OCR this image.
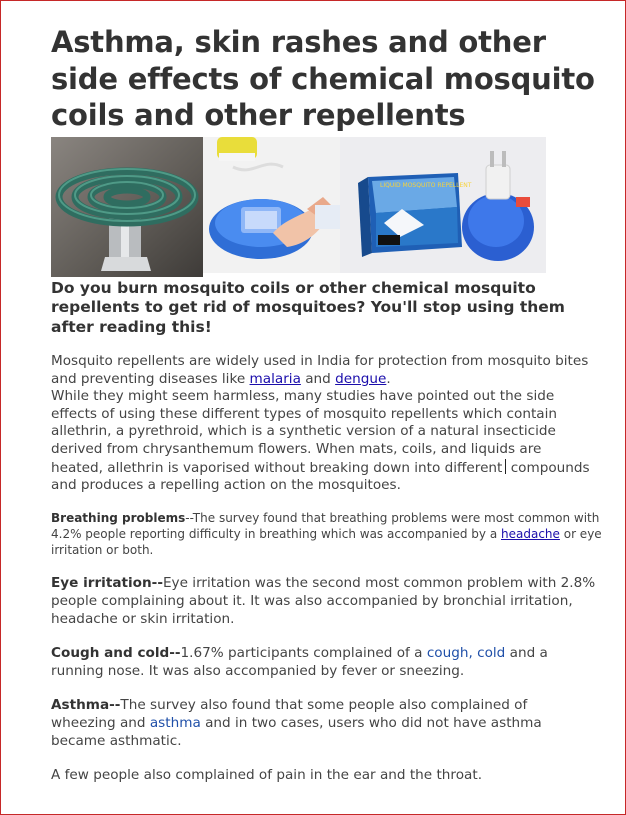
Asthma, skin rashes and other side effects of chemical mosquito coils and other repellents
LIQUID MOSQUITO REPELLENT

Do you burn mosquito coils or other chemical mosquito repellents to get rid of mosquitoes? You'll stop using them after reading this!

Mosquito repellents are widely used in India for protection from mosquito bites and preventing diseases like malaria and dengue.
While they might seem harmless, many studies have pointed out the side effects of using these different types of mosquito repellents which contain allethrin, a pyrethroid, which is a synthetic version of a natural insecticide derived from chrysanthemum flowers. When mats, coils, and liquids are heated, allethrin is vaporised without breaking down into different compounds and produces a repelling action on the mosquitoes.

Breathing problems--The survey found that breathing problems were most common with 4.2% people reporting difficulty in breathing which was accompanied by a headache or eye irritation or both.

Eye irritation--Eye irritation was the second most common problem with 2.8% people complaining about it. It was also accompanied by bronchial irritation, headache or skin irritation.

Cough and cold--1.67% participants complained of a cough, cold and a running nose. It was also accompanied by fever or sneezing.

Asthma--The survey also found that some people also complained of wheezing and asthma and in two cases, users who did not have asthma became asthmatic.

A few people also complained of pain in the ear and the throat.
